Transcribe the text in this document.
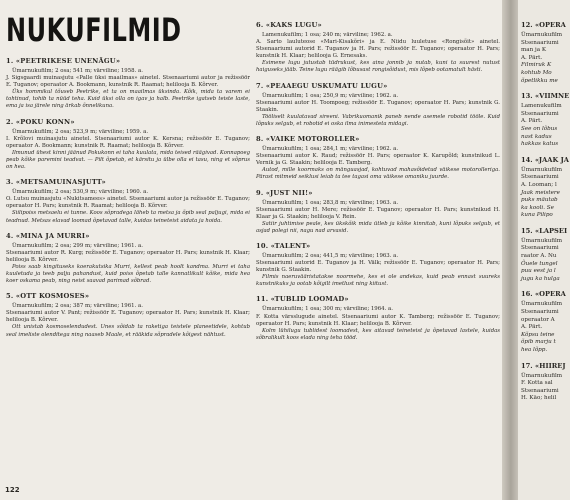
NUKUFILMID
1. «PEETRIKESE UNENÄGU»

Ümarnukufilm; 2 osa; 541 m; värviline; 1958. a.

J. Sigsgaardi muinasjutu «Palle üksi maailmas» ainetel. Stsenaariumi autor ja režissöör E. Tuganov; operaator A. Bookmann, kunstnik R. Raamat; helilooja B. Kõrver.

Üks hommikul tõuseb Peetrike, et ta on maailmas üksinda. Kõik, mida ta varem ei tohtinud, tohib ta nüüd teha. Kuid üksi olla on igav ja halb. Peetrike igatseb teiste laste, ema ja isa järele ning ärkab õnnelikuna.

2. «POKU KONN»

Ümarnukufilm; 2 osa; 523,9 m; värviline; 1959. a.

I. Krõlovi muinasjutu ainetel. Stsenaariumi autor K. Kersna; režissöör E. Tuganov; operaator A. Bookmann; kunstnik R. Raamat; helilooja B. Kõrver.

Ilmunud ühest kinni jäänud Pokukonn ei taha kuulata, mida teised räägivad. Konnapoeg peab kõike paremini teadvat. — Pilt õpetab, et kärsitu ja ülbe olla ei tasu, ning et sõprus on hea.

3. «METSAMUINASJUTT»

Ümarnukufilm; 2 osa; 530,9 m; värviline; 1960. a.

O. Lutsu muinasjutu «Nukitsamees» ainetel. Stsenaariumi autor ja režissöör E. Tuganov; operaator H. Pars; kunstnik R. Raamat; helilooja B. Kõrver.

Siilipoiss metsaelu ei tunne. Koos sõpradega läheb ta metsa ja õpib seal paljugi, mida ei teadnud. Metsas elavad loomad õpetavad talle, kuidas teineteist aidata ja hoida.

4. «MINA JA MURRI»

Ümarnukufilm; 2 osa; 299 m; värviline; 1961. a.

Stsenaariumi autor R. Kurg; režissöör E. Tuganov; operaator H. Pars; kunstnik H. Klaar; helilooja B. Kõrver.

Poiss saab kingituseks koerakutsika Murri, kellest peab hoolt kandma. Murri ei taha kuuletuda ja teeb palju pahandust, kuid poiss õpetab talle kannatlikult kõike, mida hea koer oskama peab, ning neist saavad parimad sõbrad.

5. «OTT KOSMOSES»

Ümarnukufilm; 2 osa; 387 m; värviline; 1961. a.

Stsenaariumi autor V. Pant; režissöör E. Tuganov; operaator H. Pars; kunstnik H. Klaar; helilooja B. Kõrver.

Ott unistab kosmoselendudest. Unes sõidab ta raketiga teistele planeetidele, kohtub seal imeliste olenditega ning naaseb Maale, et rääkida sõpradele kõigest nähtust.

6. «KAKS LUGU»

Lamenukufilm; 1 osa; 240 m; värviline; 1962. a.

A. Sarto lauluteose «Mari-Kisakõri» ja E. Niidu luuletuse «Rongisõit» ainetel. Stsenaariumi autorid E. Tuganov ja H. Pars; režissöör E. Tuganov; operaator H. Pars; kunstnik H. Klaar; helilooja G. Ernesaks.

Esimene lugu jutustab tüdrukust, kes aina jonnib ja nutab, kuni ta suurest nutust haiguseks jääb. Teine lugu räägib lõbusast rongisõidust, mis lõpeb ootamatult hästi.

7. «PEAAEGU USKUMATU LUGU»

Ümarnukufilm; 1 osa; 250,9 m; värviline; 1962. a.

Stsenaariumi autor H. Toompoeg; režissöör E. Tuganov; operaator H. Pars; kunstnik G. Staakin.

Tööliselt kuulatavad sireeni. Vabrikuomanik paneb nende asemele robotid tööle. Kuid lõpuks selgub, et robotid ei oska ilma inimesteta midagi.

8. «VAIKE MOTOROLLER»

Ümarnukufilm; 1 osa; 284,1 m; värviline; 1962. a.

Stsenaariumi autor K. Raud; režissöör H. Pars; operaator K. Karupõld; kunstnikud L. Vernik ja G. Staakin; helilooja E. Tamberg.

Autod, mille koormaks on mänguasjad, kohtuvad mahasõidetud väikese motorolleriga. Pärast mitmeid seiklusi leiab ta tee tagasi oma väikese omaniku juurde.

9. «JUST NII!»

Ümarnukufilm; 1 osa; 283,8 m; värviline; 1963. a.

Stsenaariumi autor H. Mere; režissöör E. Tuganov; operaator H. Pars; kunstnikud H. Klaar ja G. Staakin; helilooja V. Rein.

Satiir juhtimise peale, kes ükskõik mida ütleb ja kõike kinnitab, kuni lõpuks selgub, et asjad polegi nii, nagu nad arvasid.

10. «TALENT»

Ümarnukufilm; 2 osa; 441,5 m; värviline; 1963. a.

Stsenaariumi autorid E. Tuganov ja H. Välk; režissöör E. Tuganov; operaator H. Pars; kunstnik G. Staakin.

Filmis naeruvääristatakse noormehe, kes ei ole andekas, kuid peab ennast suureks kunstnikuks ja ootab kõigilt imetlust ning kiitust.

11. «TUBLID LOOMAD»

Ümarnukufilm; 1 osa; 300 m; värviline; 1964. a.

F. Kotta värsslugude ainetel. Stsenaariumi autor K. Tamberg; režissöör E. Tuganov; operaator H. Pars; kunstnik H. Klaar; helilooja B. Kõrver.

Kolm lühilugu tublidest loomadest, kes aitavad teineteist ja õpetavad lastele, kuidas sõbralikult koos elada ning teha tööd.

122
12. «OPERA

Ümarnukufilm

Stsenaariumi

man ja K

A. Pärt.

Filmiruk K

kohtub Mo

õpetlikku me

13. «VIIMNE

Lamenukufilm

Stsenaariumi

A. Pärt.

See on lõbus

nast kadus

hakkas katus

14. «JAAK JA

Ümarnukufilm

Stsenaariumi

A. Looman; l

Jaak meistere

puks mäutab

ka kooli. Se

kuna Pilipo

15. «LAPSEI

Ümarnukufilm

Stsenaariumi

raator A. Nu

Õuele tungel

puu eest ja l

jugu ka hulga

16. «OPERA

Ümarnukufilm

Stsenaariumi

operaator A

A. Pärt.

Kõpsu teine

õpib marju t

hea lõpp.

17. «HIIREJ

Ümarnukufilm

F. Kotta sal

Stsenaariumi

H. Käo; helil
